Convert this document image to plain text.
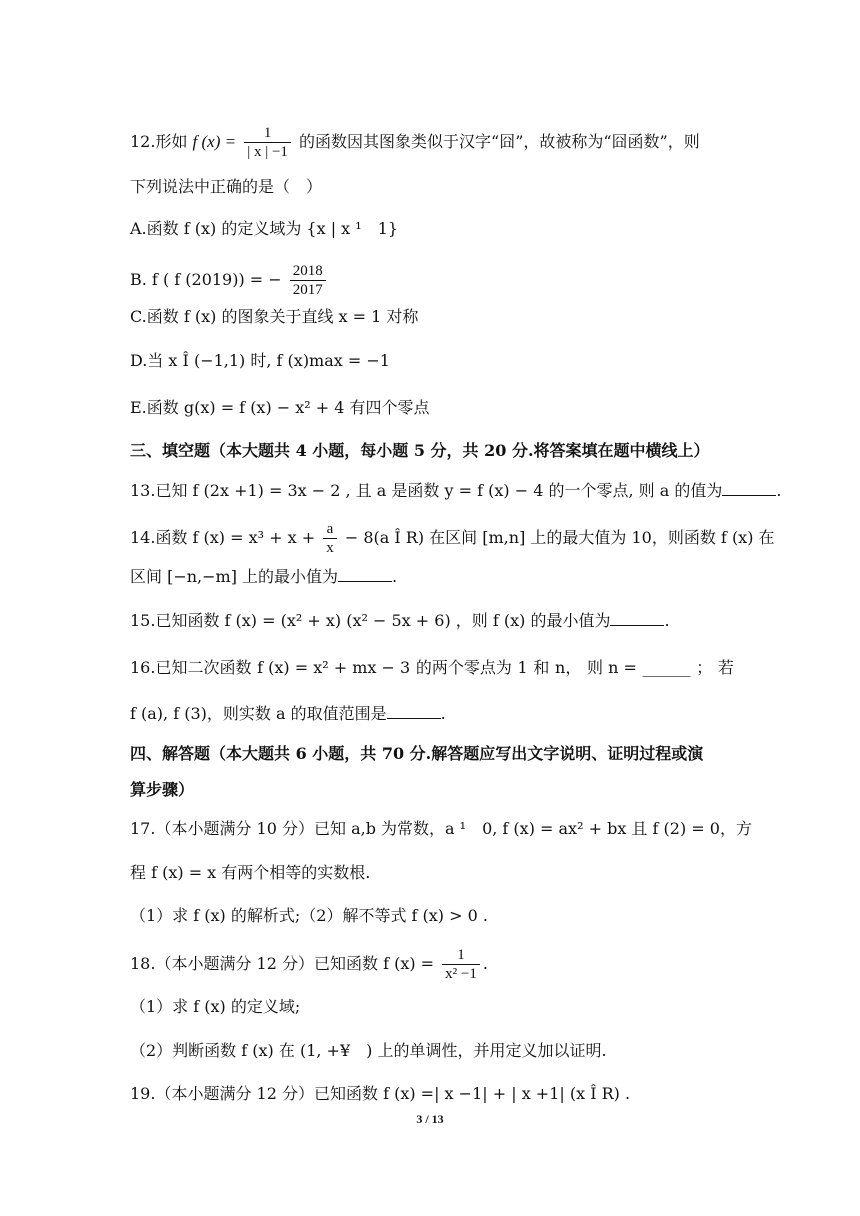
12.形如 f $(x) = \frac{1}{| x | -1}$ 的函数因其图象类似于汉字“囧”，故被称为“囧函数”，则
下列说法中正确的是（　）
A.函数 f (x) 的定义域为 {x | x ¹　1}
B. f ( f (2019)) = − $\frac{2018}{2017}$
C.函数 f (x) 的图象关于直线 x = 1 对称
D.当 x Î (−1,1) 时, f (x)max = −1
E.函数 g(x) = f (x) − x² + 4 有四个零点
三、填空题（本大题共 4 小题，每小题 5 分，共 20 分.将答案填在题中横线上）
13.已知 f (2x +1) = 3x − 2 , 且 a 是函数 y = f (x) − 4 的一个零点, 则 a 的值为	.
14.函数 f $(x) = x^3 + x + \frac{a}{x} - 8(a$ Î R) 在区间 [m,n] 上的最大值为 10，则函数 f (x) 在
区间 [−n,−m] 上的最小值为	.
15.已知函数 f (x) = (x² + x) (x² − 5x + 6) ，则 f (x) 的最小值为	.
16.已知二次函数 f (x) = x² + mx − 3 的两个零点为 1 和 n， 则 n = ______ ； 若
f (a), f (3)，则实数 a 的取值范围是	.
四、解答题（本大题共 6 小题，共 70 分.解答题应写出文字说明、证明过程或演
算步骤）
17.（本小题满分 10 分）已知 a,b 为常数， a ¹　0, f (x) = ax² + bx 且 f (2) = 0，方
程 f (x) = x 有两个相等的实数根.
（1）求 f (x) 的解析式;（2）解不等式 f (x) > 0 .
18.（本小题满分 12 分）已知函数 f $(x) = \frac{1}{\text{x² −1}}$ .
（1）求 f (x) 的定义域;
（2）判断函数 f (x) 在 (1, +¥　) 上的单调性，并用定义加以证明.
19.（本小题满分 12 分）已知函数 f (x) =| x −1| + | x +1| (x Î R) .
3 / 13
